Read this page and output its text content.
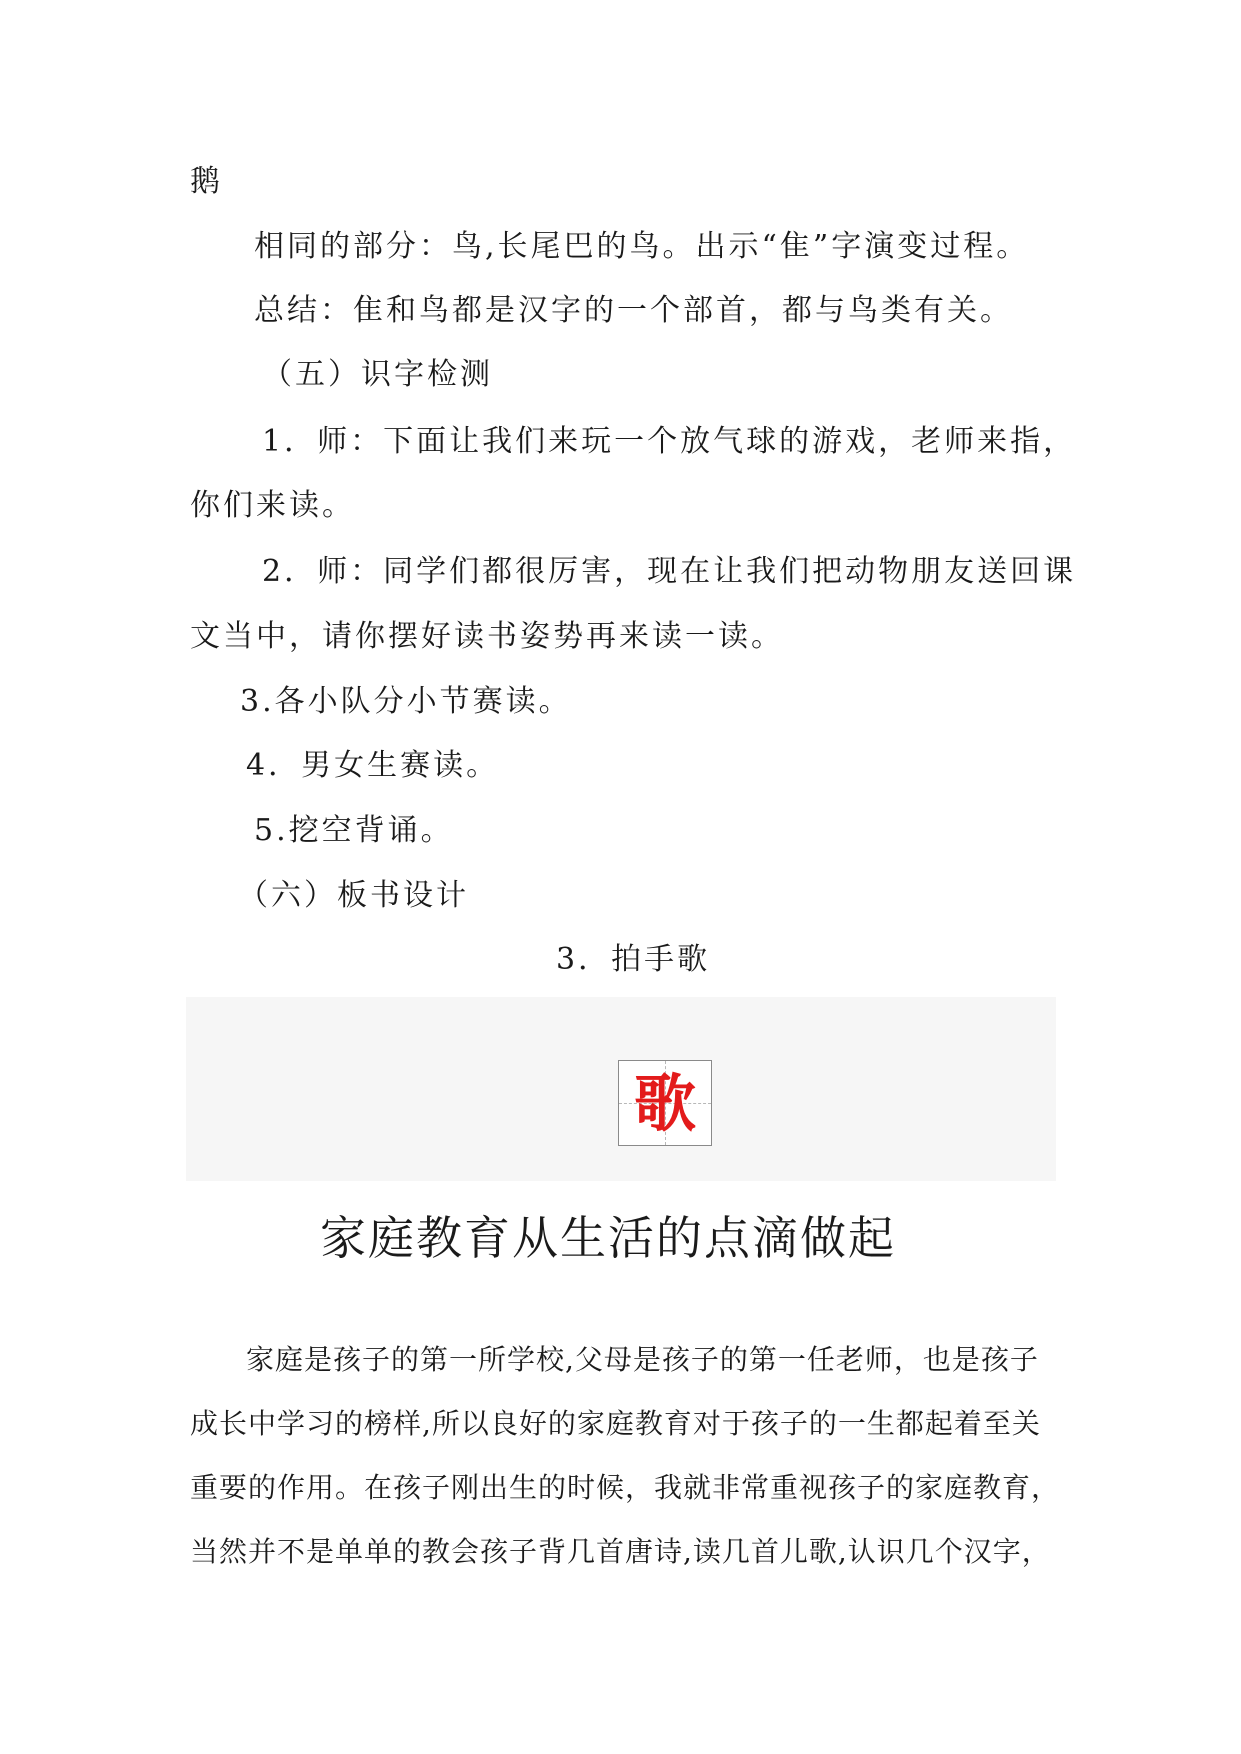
鹅
相同的部分：鸟,长尾巴的鸟。出示“隹”字演变过程。
总结：隹和鸟都是汉字的一个部首，都与鸟类有关。
（五）识字检测
1．师：下面让我们来玩一个放气球的游戏，老师来指，
你们来读。
2．师：同学们都很厉害，现在让我们把动物朋友送回课
文当中，请你摆好读书姿势再来读一读。
3.各小队分小节赛读。
4．男女生赛读。
5.挖空背诵。
（六）板书设计
3．拍手歌
歌
家庭教育从生活的点滴做起
家庭是孩子的第一所学校,父母是孩子的第一任老师，也是孩子
成长中学习的榜样,所以良好的家庭教育对于孩子的一生都起着至关
重要的作用。在孩子刚出生的时候，我就非常重视孩子的家庭教育，
当然并不是单单的教会孩子背几首唐诗,读几首儿歌,认识几个汉字，
